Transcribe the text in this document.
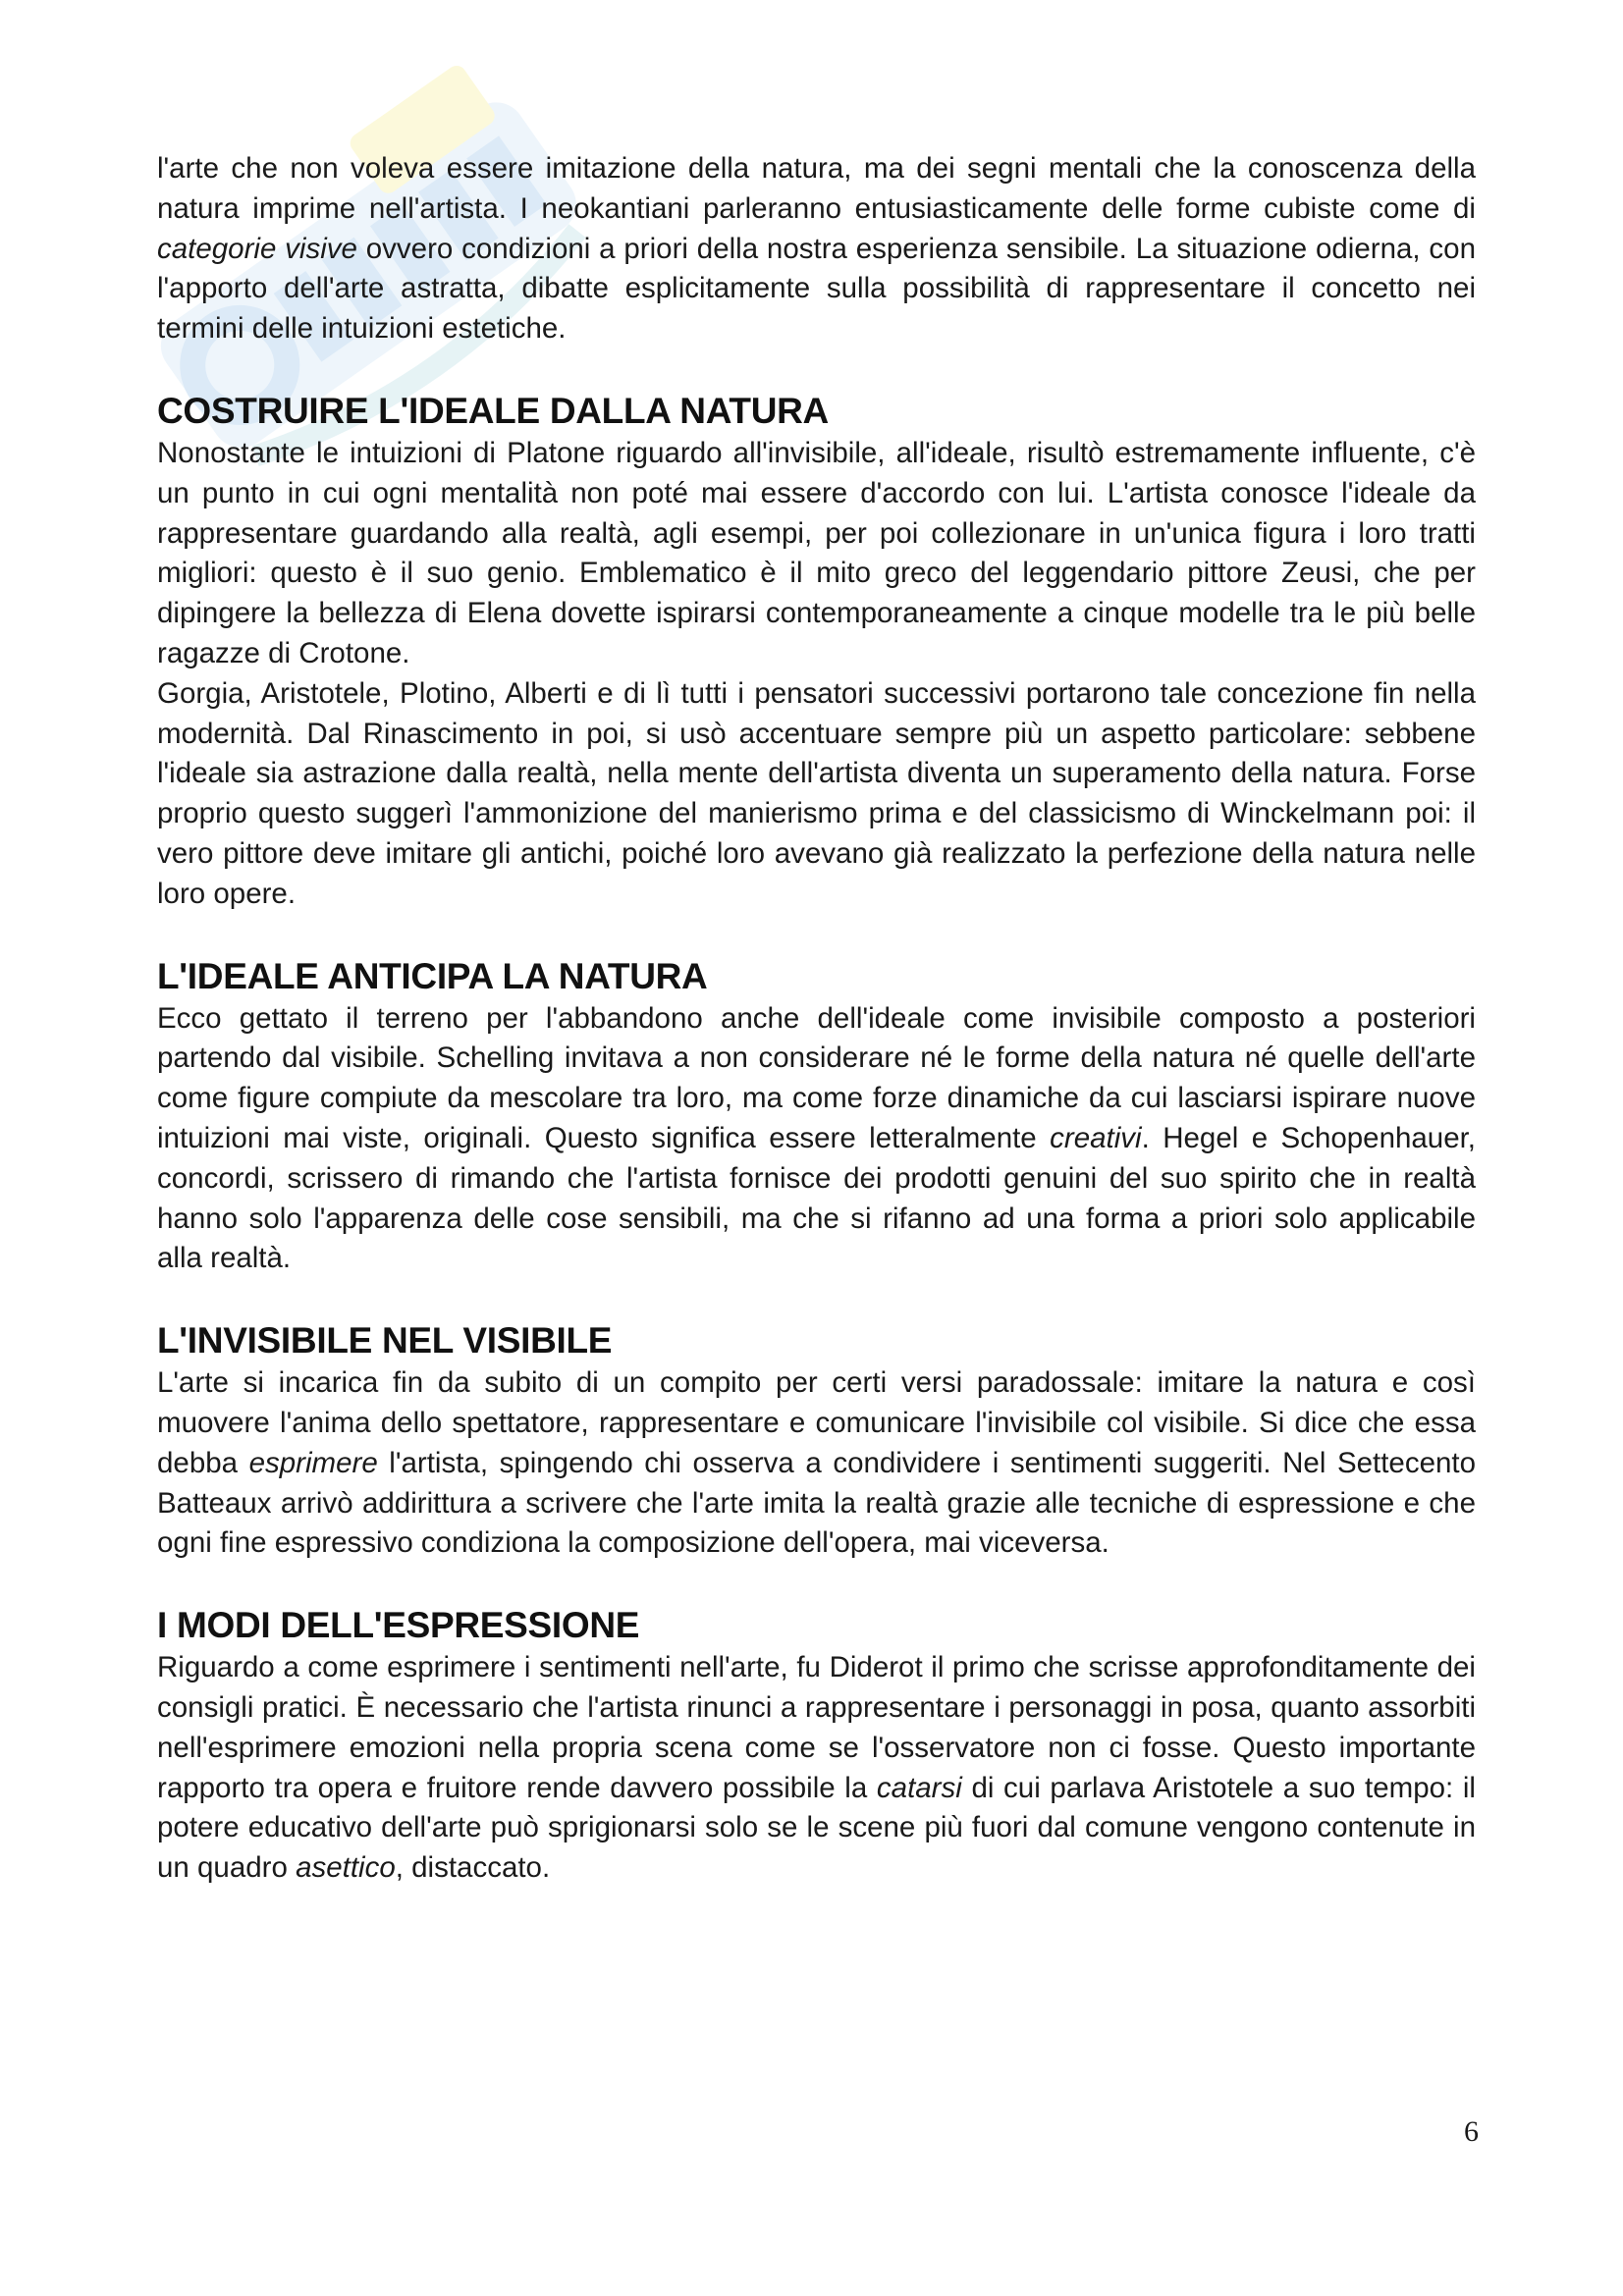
l'arte che non voleva essere imitazione della natura, ma dei segni mentali che la conoscenza della natura imprime nell'artista. I neokantiani parleranno entusiasticamente delle forme cubiste come di categorie visive ovvero condizioni a priori della nostra esperienza sensibile. La situazione odierna, con l'apporto dell'arte astratta, dibatte esplicitamente sulla possibilità di rappresentare il concetto nei termini delle intuizioni estetiche.

COSTRUIRE L'IDEALE DALLA NATURA

Nonostante le intuizioni di Platone riguardo all'invisibile, all'ideale, risultò estremamente influente, c'è un punto in cui ogni mentalità non poté mai essere d'accordo con lui. L'artista conosce l'ideale da rappresentare guardando alla realtà, agli esempi, per poi collezionare in un'unica figura i loro tratti migliori: questo è il suo genio. Emblematico è il mito greco del leggendario pittore Zeusi, che per dipingere la bellezza di Elena dovette ispirarsi contemporaneamente a cinque modelle tra le più belle ragazze di Crotone.

Gorgia, Aristotele, Plotino, Alberti e di lì tutti i pensatori successivi portarono tale concezione fin nella modernità. Dal Rinascimento in poi, si usò accentuare sempre più un aspetto particolare: sebbene l'ideale sia astrazione dalla realtà, nella mente dell'artista diventa un superamento della natura. Forse proprio questo suggerì l'ammonizione del manierismo prima e del classicismo di Winckelmann poi: il vero pittore deve imitare gli antichi, poiché loro avevano già realizzato la perfezione della natura nelle loro opere.

L'IDEALE ANTICIPA LA NATURA

Ecco gettato il terreno per l'abbandono anche dell'ideale come invisibile composto a posteriori partendo dal visibile. Schelling invitava a non considerare né le forme della natura né quelle dell'arte come figure compiute da mescolare tra loro, ma come forze dinamiche da cui lasciarsi ispirare nuove intuizioni mai viste, originali. Questo significa essere letteralmente creativi. Hegel e Schopenhauer, concordi, scrissero di rimando che l'artista fornisce dei prodotti genuini del suo spirito che in realtà hanno solo l'apparenza delle cose sensibili, ma che si rifanno ad una forma a priori solo applicabile alla realtà.

L'INVISIBILE NEL VISIBILE

L'arte si incarica fin da subito di un compito per certi versi paradossale: imitare la natura e così muovere l'anima dello spettatore, rappresentare e comunicare l'invisibile col visibile. Si dice che essa debba esprimere l'artista, spingendo chi osserva a condividere i sentimenti suggeriti. Nel Settecento Batteaux arrivò addirittura a scrivere che l'arte imita la realtà grazie alle tecniche di espressione e che ogni fine espressivo condiziona la composizione dell'opera, mai viceversa.

I MODI DELL'ESPRESSIONE

Riguardo a come esprimere i sentimenti nell'arte, fu Diderot il primo che scrisse approfonditamente dei consigli pratici. È necessario che l'artista rinunci a rappresentare i personaggi in posa, quanto assorbiti nell'esprimere emozioni nella propria scena come se l'osservatore non ci fosse. Questo importante rapporto tra opera e fruitore rende davvero possibile la catarsi di cui parlava Aristotele a suo tempo: il potere educativo dell'arte può sprigionarsi solo se le scene più fuori dal comune vengono contenute in un quadro asettico, distaccato.

6
